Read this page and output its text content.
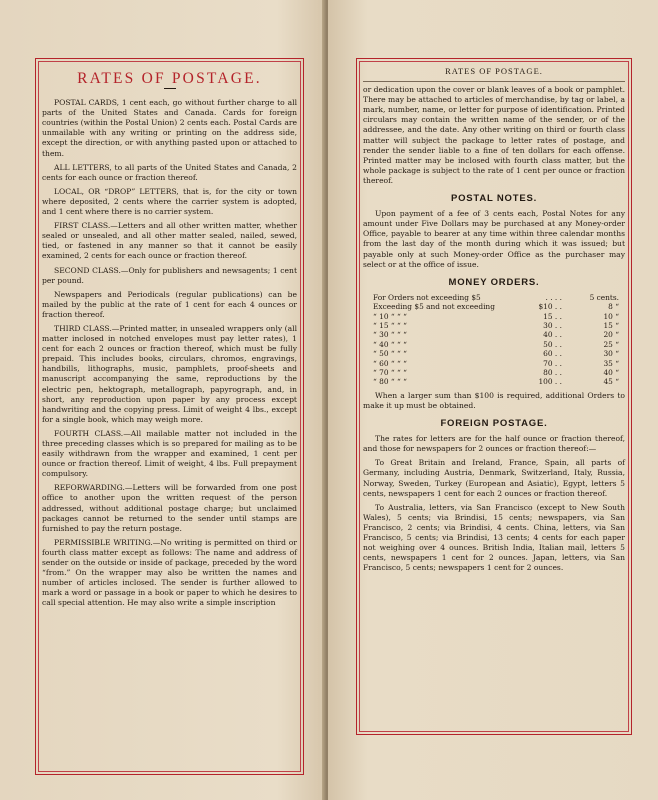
RATES OF POSTAGE.

POSTAL CARDS, 1 cent each, go without further charge to all parts of the United States and Canada. Cards for foreign countries (within the Postal Union) 2 cents each. Postal Cards are unmailable with any writing or printing on the address side, except the direction, or with anything pasted upon or attached to them.

ALL LETTERS, to all parts of the United States and Canada, 2 cents for each ounce or fraction thereof.

LOCAL, OR “DROP” LETTERS, that is, for the city or town where deposited, 2 cents where the carrier system is adopted, and 1 cent where there is no carrier system.

FIRST CLASS.—Letters and all other written matter, whether sealed or unsealed, and all other matter sealed, nailed, sewed, tied, or fastened in any manner so that it cannot be easily examined, 2 cents for each ounce or fraction thereof.

SECOND CLASS.—Only for publishers and newsagents; 1 cent per pound.

Newspapers and Periodicals (regular publications) can be mailed by the public at the rate of 1 cent for each 4 ounces or fraction thereof.

THIRD CLASS.—Printed matter, in unsealed wrappers only (all matter inclosed in notched envelopes must pay letter rates), 1 cent for each 2 ounces or fraction thereof, which must be fully prepaid. This includes books, circulars, chromos, engravings, handbills, lithographs, music, pamphlets, proof-sheets and manuscript accompanying the same, reproductions by the electric pen, hektograph, metallograph, papyrograph, and, in short, any reproduction upon paper by any process except handwriting and the copying press. Limit of weight 4 lbs., except for a single book, which may weigh more.

FOURTH CLASS.—All mailable matter not included in the three preceding classes which is so prepared for mailing as to be easily withdrawn from the wrapper and examined, 1 cent per ounce or fraction thereof. Limit of weight, 4 lbs. Full prepayment compulsory.

REFORWARDING.—Letters will be forwarded from one post office to another upon the written request of the person addressed, without additional postage charge; but unclaimed packages cannot be returned to the sender until stamps are furnished to pay the return postage.

PERMISSIBLE WRITING.—No writing is permitted on third or fourth class matter except as follows: The name and address of sender on the outside or inside of package, preceded by the word “from.” On the wrapper may also be written the names and number of articles inclosed. The sender is further allowed to mark a word or passage in a book or paper to which he desires to call special attention. He may also write a simple inscription

RATES OF POSTAGE.

or dedication upon the cover or blank leaves of a book or pamphlet. There may be attached to articles of merchandise, by tag or label, a mark, number, name, or letter for purpose of identification. Printed circulars may contain the written name of the sender, or of the addressee, and the date. Any other writing on third or fourth class matter will subject the package to letter rates of postage, and render the sender liable to a fine of ten dollars for each offense. Printed matter may be inclosed with fourth class matter, but the whole package is subject to the rate of 1 cent per ounce or fraction thereof.

POSTAL NOTES.

Upon payment of a fee of 3 cents each, Postal Notes for any amount under Five Dollars may be purchased at any Money-order Office, payable to bearer at any time within three calendar months from the last day of the month during which it was issued; but payable only at such Money-order Office as the purchaser may select or at the office of issue.

MONEY ORDERS.
For Orders not exceeding $5	. . . .	5 cents.
Exceeding $5 and not exceeding	$10 . .	8 “
“ 10 “ “ “	15 . .	10 “
“ 15 “ “ “	30 . .	15 “
“ 30 “ “ “	40 . .	20 “
“ 40 “ “ “	50 . .	25 “
“ 50 “ “ “	60 . .	30 “
“ 60 “ “ “	70 . .	35 “
“ 70 “ “ “	80 . .	40 “
“ 80 “ “ “	100 . .	45 “

When a larger sum than $100 is required, additional Orders to make it up must be obtained.

FOREIGN POSTAGE.

The rates for letters are for the half ounce or fraction thereof, and those for newspapers for 2 ounces or fraction thereof:—

To Great Britain and Ireland, France, Spain, all parts of Germany, including Austria, Denmark, Switzerland, Italy, Russia, Norway, Sweden, Turkey (European and Asiatic), Egypt, letters 5 cents, newspapers 1 cent for each 2 ounces or fraction thereof.

To Australia, letters, via San Francisco (except to New South Wales), 5 cents; via Brindisi, 15 cents; newspapers, via San Francisco, 2 cents; via Brindisi, 4 cents. China, letters, via San Francisco, 5 cents; via Brindisi, 13 cents; 4 cents for each paper not weighing over 4 ounces. British India, Italian mail, letters 5 cents, newspapers 1 cent for 2 ounces. Japan, letters, via San Francisco, 5 cents; newspapers 1 cent for 2 ounces.
